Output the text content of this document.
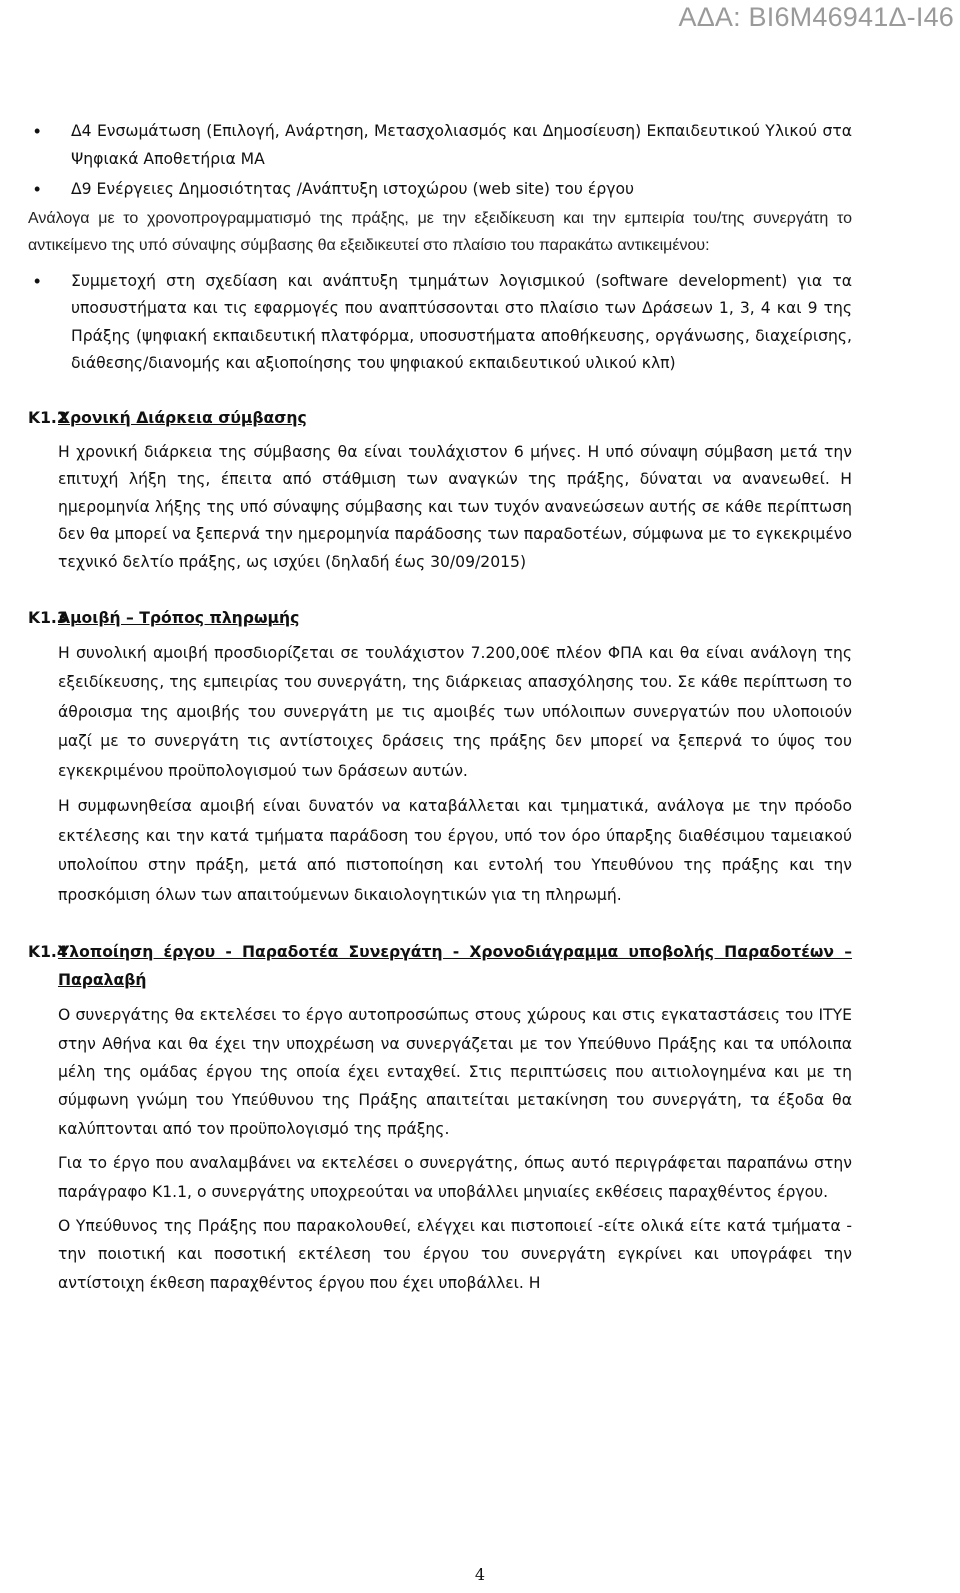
ΑΔΑ: ΒΙ6Μ46941Δ-Ι46
• Δ4 Ενσωμάτωση (Επιλογή, Ανάρτηση, Μετασχολιασμός και Δημοσίευση) Εκπαιδευτικού Υλικού στα Ψηφιακά Αποθετήρια ΜΑ
• Δ9 Ενέργειες Δημοσιότητας /Ανάπτυξη ιστοχώρου (web site) του έργου
Ανάλογα με το χρονοπρογραμματισμό της πράξης, με την εξειδίκευση και την εμπειρία του/της συνεργάτη το αντικείμενο της υπό σύναψης σύμβασης θα εξειδικευτεί στο πλαίσιο του παρακάτω αντικειμένου:
• Συμμετοχή στη σχεδίαση και ανάπτυξη τμημάτων λογισμικού (software development) για τα υποσυστήματα και τις εφαρμογές που αναπτύσσονται στο πλαίσιο των Δράσεων 1, 3, 4 και 9 της Πράξης (ψηφιακή εκπαιδευτική πλατφόρμα, υποσυστήματα αποθήκευσης, οργάνωσης, διαχείρισης, διάθεσης/διανομής και αξιοποίησης του ψηφιακού εκπαιδευτικού υλικού κλπ)
Κ1.2
Χρονική Διάρκεια σύμβασης
Η χρονική διάρκεια της σύμβασης θα είναι τουλάχιστον 6 μήνες. Η υπό σύναψη σύμβαση μετά την επιτυχή λήξη της, έπειτα από στάθμιση των αναγκών της πράξης, δύναται να ανανεωθεί. Η ημερομηνία λήξης της υπό σύναψης σύμβασης και των τυχόν ανανεώσεων αυτής σε κάθε περίπτωση δεν θα μπορεί να ξεπερνά την ημερομηνία παράδοσης των παραδοτέων, σύμφωνα με το εγκεκριμένο τεχνικό δελτίο πράξης, ως ισχύει (δηλαδή έως 30/09/2015)
Κ1.3
Αμοιβή – Τρόπος πληρωμής
Η συνολική αμοιβή προσδιορίζεται σε τουλάχιστον 7.200,00€ πλέον ΦΠΑ και θα είναι ανάλογη της εξειδίκευσης, της εμπειρίας του συνεργάτη, της διάρκειας απασχόλησης του. Σε κάθε περίπτωση το άθροισμα της αμοιβής του συνεργάτη με τις αμοιβές των υπόλοιπων συνεργατών που υλοποιούν μαζί με το συνεργάτη τις αντίστοιχες δράσεις της πράξης δεν μπορεί να ξεπερνά το ύψος του εγκεκριμένου προϋπολογισμού των δράσεων αυτών.
Η συμφωνηθείσα αμοιβή είναι δυνατόν να καταβάλλεται και τμηματικά, ανάλογα με την πρόοδο εκτέλεσης και την κατά τμήματα παράδοση του έργου, υπό τον όρο ύπαρξης διαθέσιμου ταμειακού υπολοίπου στην πράξη, μετά από πιστοποίηση και εντολή του Υπευθύνου της πράξης και την προσκόμιση όλων των απαιτούμενων δικαιολογητικών για τη πληρωμή.
Κ1.4
Υλοποίηση έργου - Παραδοτέα Συνεργάτη - Χρονοδιάγραμμα υποβολής Παραδοτέων – Παραλαβή
Ο συνεργάτης θα εκτελέσει το έργο αυτοπροσώπως στους χώρους και στις εγκαταστάσεις του ΙΤΥΕ στην Αθήνα και θα έχει την υποχρέωση να συνεργάζεται με τον Υπεύθυνο Πράξης και τα υπόλοιπα μέλη της ομάδας έργου της οποία έχει ενταχθεί. Στις περιπτώσεις που αιτιολογημένα και με τη σύμφωνη γνώμη του Υπεύθυνου της Πράξης απαιτείται μετακίνηση του συνεργάτη, τα έξοδα θα καλύπτονται από τον προϋπολογισμό της πράξης.
Για το έργο που αναλαμβάνει να εκτελέσει ο συνεργάτης, όπως αυτό περιγράφεται παραπάνω στην παράγραφο Κ1.1, ο συνεργάτης υποχρεούται να υποβάλλει μηνιαίες εκθέσεις παραχθέντος έργου.
Ο Υπεύθυνος της Πράξης που παρακολουθεί, ελέγχει και πιστοποιεί -είτε ολικά είτε κατά τμήματα - την ποιοτική και ποσοτική εκτέλεση του έργου του συνεργάτη εγκρίνει και υπογράφει την αντίστοιχη έκθεση παραχθέντος έργου που έχει υποβάλλει. Η
4
